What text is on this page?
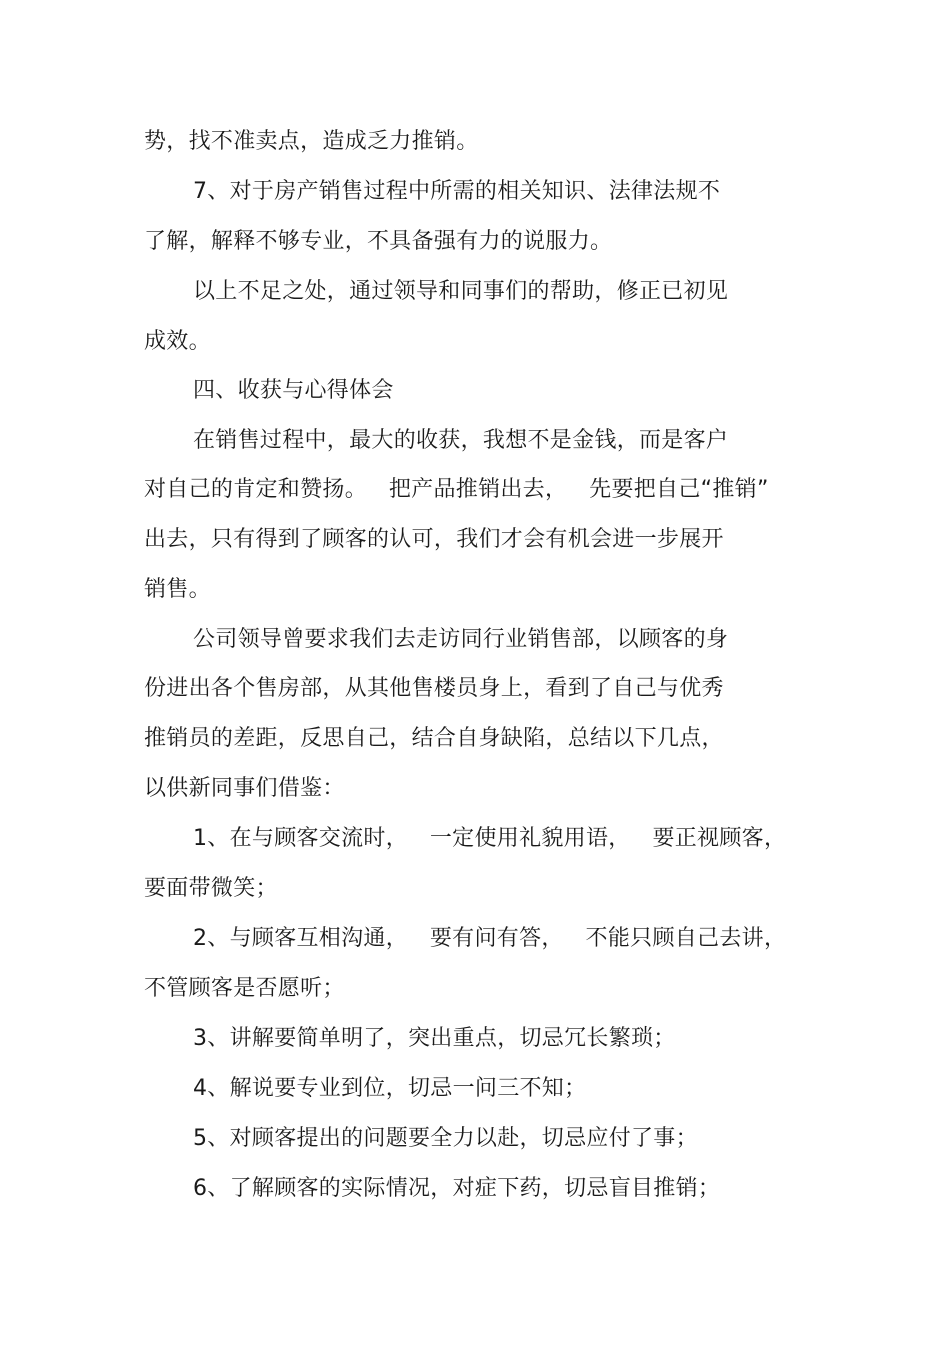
势，找不准卖点，造成乏力推销。
7、对于房产销售过程中所需的相关知识、法律法规不
了解，解释不够专业，不具备强有力的说服力。
以上不足之处，通过领导和同事们的帮助，修正已初见
成效。
四、收获与心得体会
在销售过程中，最大的收获，我想不是金钱，而是客户
对自己的肯定和赞扬。   把产品推销出去，   先要把自己“推销”
出去，只有得到了顾客的认可，我们才会有机会进一步展开
销售。
公司领导曾要求我们去走访同行业销售部，以顾客的身
份进出各个售房部，从其他售楼员身上，看到了自己与优秀
推销员的差距，反思自己，结合自身缺陷，总结以下几点，
以供新同事们借鉴：
1、在与顾客交流时，   一定使用礼貌用语，   要正视顾客，
要面带微笑；
2、与顾客互相沟通，   要有问有答，   不能只顾自己去讲，
不管顾客是否愿听；
3、讲解要简单明了，突出重点，切忌冗长繁琐；
4、解说要专业到位，切忌一问三不知；
5、对顾客提出的问题要全力以赴，切忌应付了事；
6、了解顾客的实际情况，对症下药，切忌盲目推销；
